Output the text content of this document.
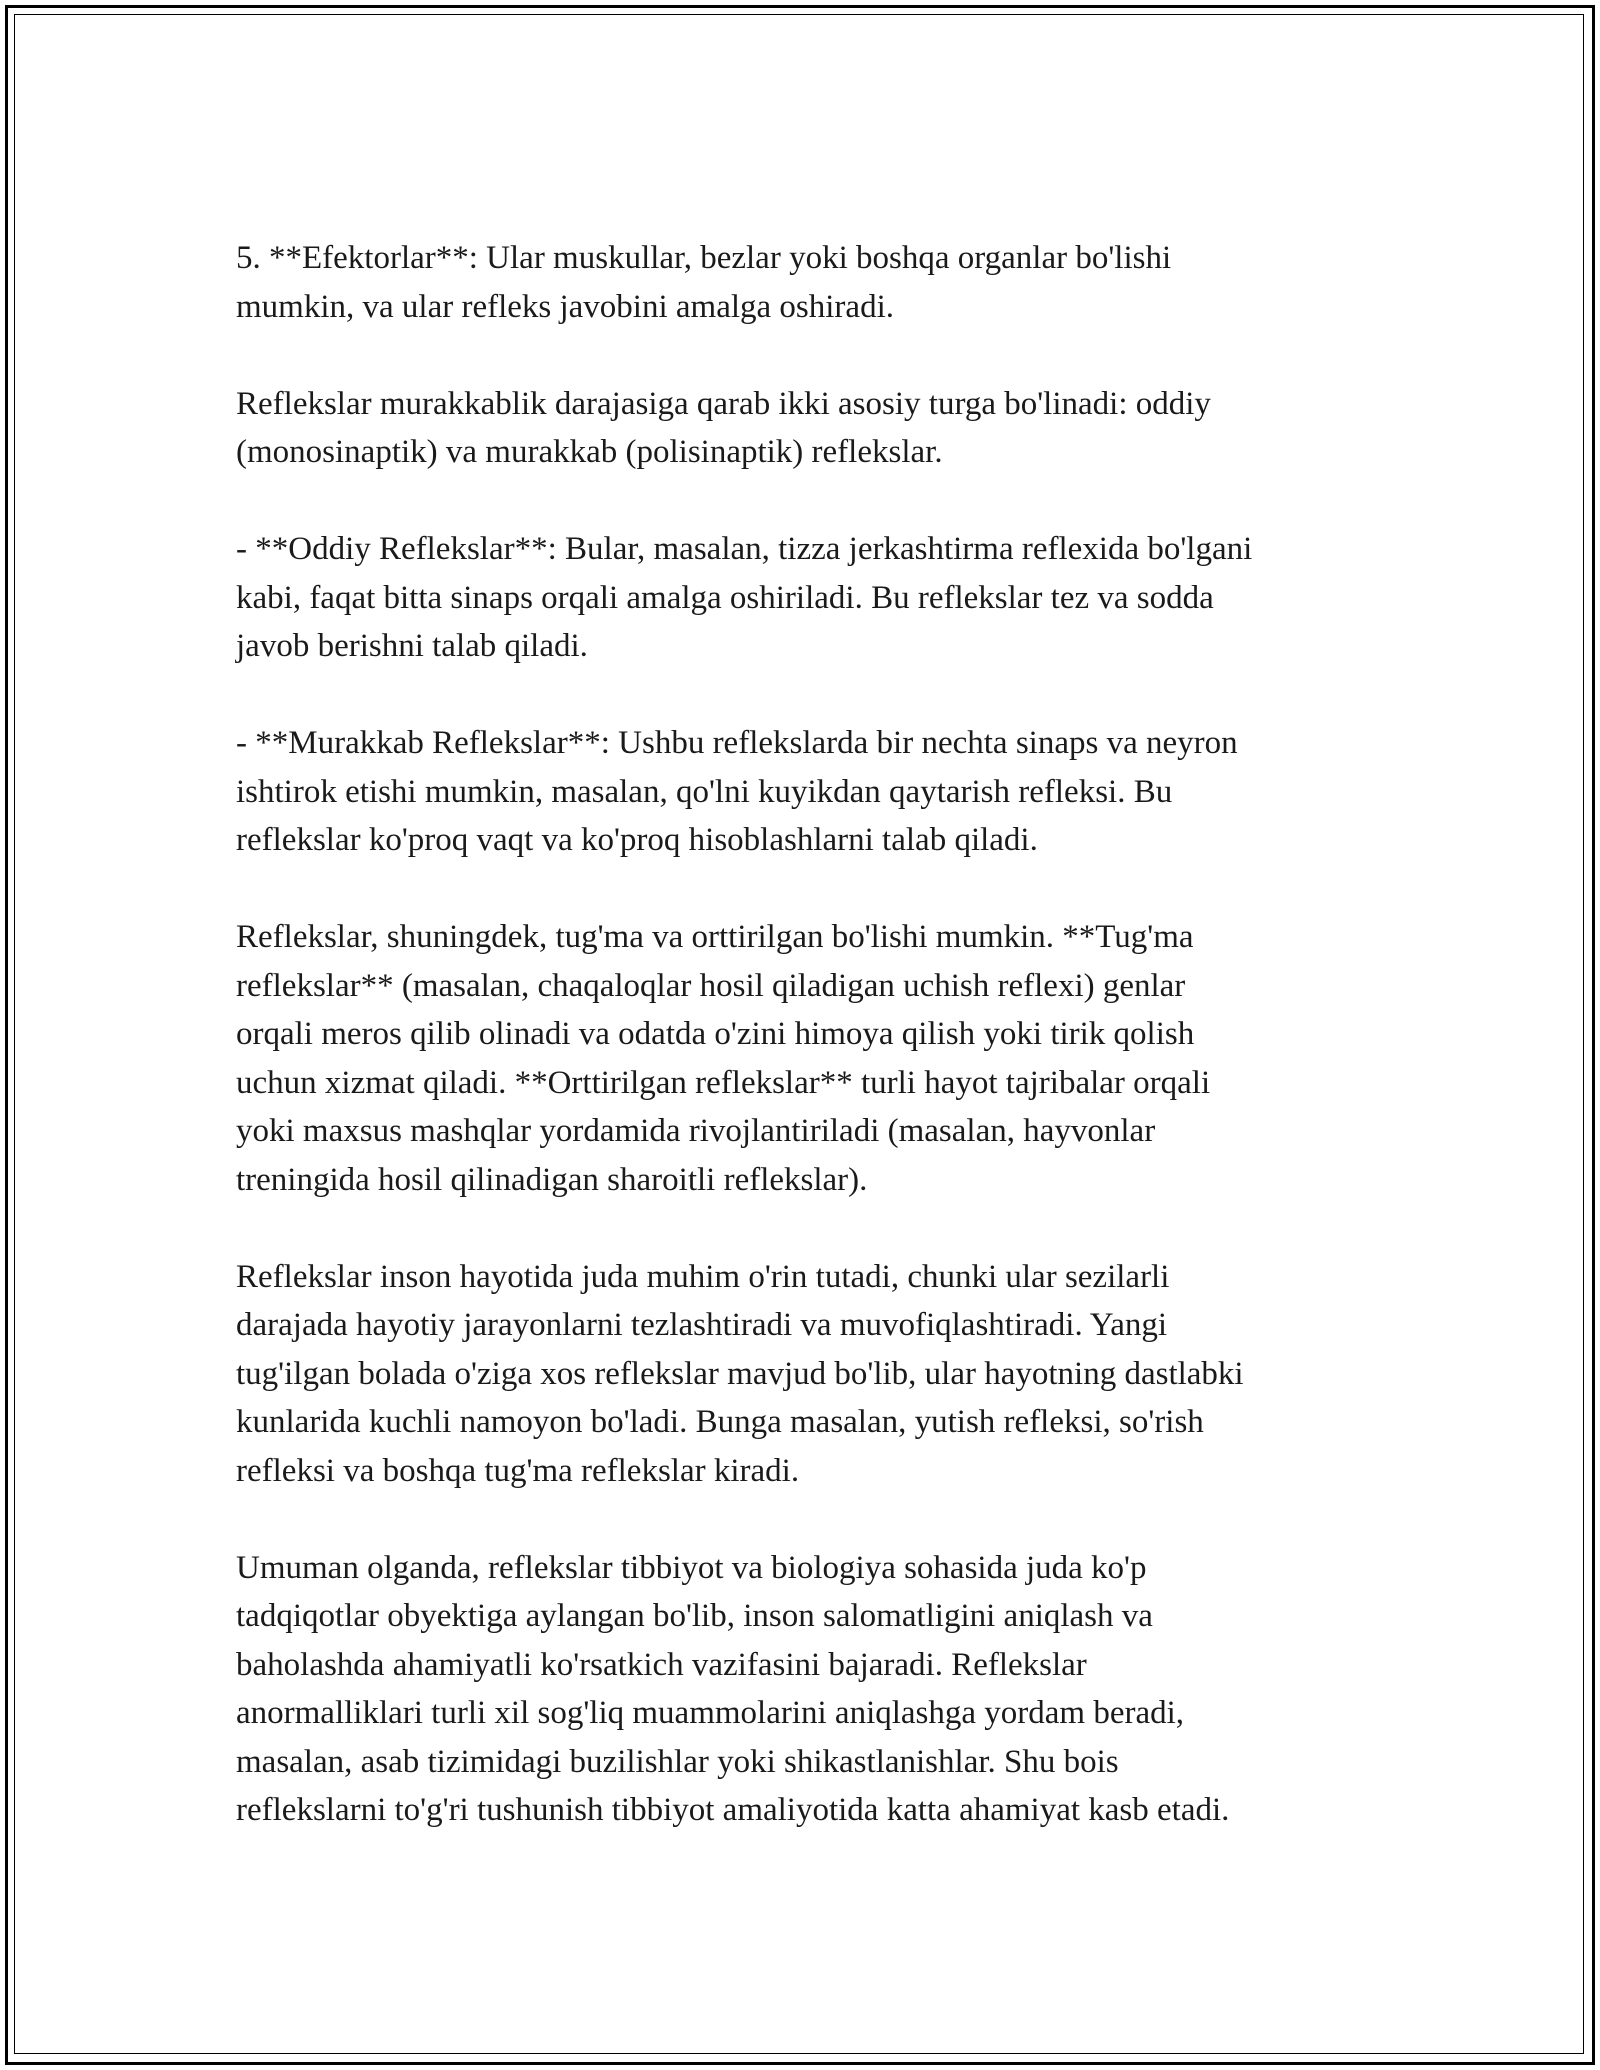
5. **Efektorlar**: Ular muskullar, bezlar yoki boshqa organlar bo'lishi
mumkin, va ular refleks javobini amalga oshiradi.

Reflekslar murakkablik darajasiga qarab ikki asosiy turga bo'linadi: oddiy
(monosinaptik) va murakkab (polisinaptik) reflekslar.

- **Oddiy Reflekslar**: Bular, masalan, tizza jerkashtirma reflexida bo'lgani
kabi, faqat bitta sinaps orqali amalga oshiriladi. Bu reflekslar tez va sodda
javob berishni talab qiladi.

- **Murakkab Reflekslar**: Ushbu reflekslarda bir nechta sinaps va neyron
ishtirok etishi mumkin, masalan, qo'lni kuyikdan qaytarish refleksi. Bu
reflekslar ko'proq vaqt va ko'proq hisoblashlarni talab qiladi.

Reflekslar, shuningdek, tug'ma va orttirilgan bo'lishi mumkin. **Tug'ma
reflekslar** (masalan, chaqaloqlar hosil qiladigan uchish reflexi) genlar
orqali meros qilib olinadi va odatda o'zini himoya qilish yoki tirik qolish
uchun xizmat qiladi. **Orttirilgan reflekslar** turli hayot tajribalar orqali
yoki maxsus mashqlar yordamida rivojlantiriladi (masalan, hayvonlar
treningida hosil qilinadigan sharoitli reflekslar).

Reflekslar inson hayotida juda muhim o'rin tutadi, chunki ular sezilarli
darajada hayotiy jarayonlarni tezlashtiradi va muvofiqlashtiradi. Yangi
tug'ilgan bolada o'ziga xos reflekslar mavjud bo'lib, ular hayotning dastlabki
kunlarida kuchli namoyon bo'ladi. Bunga masalan, yutish refleksi, so'rish
refleksi va boshqa tug'ma reflekslar kiradi.

Umuman olganda, reflekslar tibbiyot va biologiya sohasida juda ko'p
tadqiqotlar obyektiga aylangan bo'lib, inson salomatligini aniqlash va
baholashda ahamiyatli ko'rsatkich vazifasini bajaradi. Reflekslar
anormalliklari turli xil sog'liq muammolarini aniqlashga yordam beradi,
masalan, asab tizimidagi buzilishlar yoki shikastlanishlar. Shu bois
reflekslarni to'g'ri tushunish tibbiyot amaliyotida katta ahamiyat kasb etadi.
